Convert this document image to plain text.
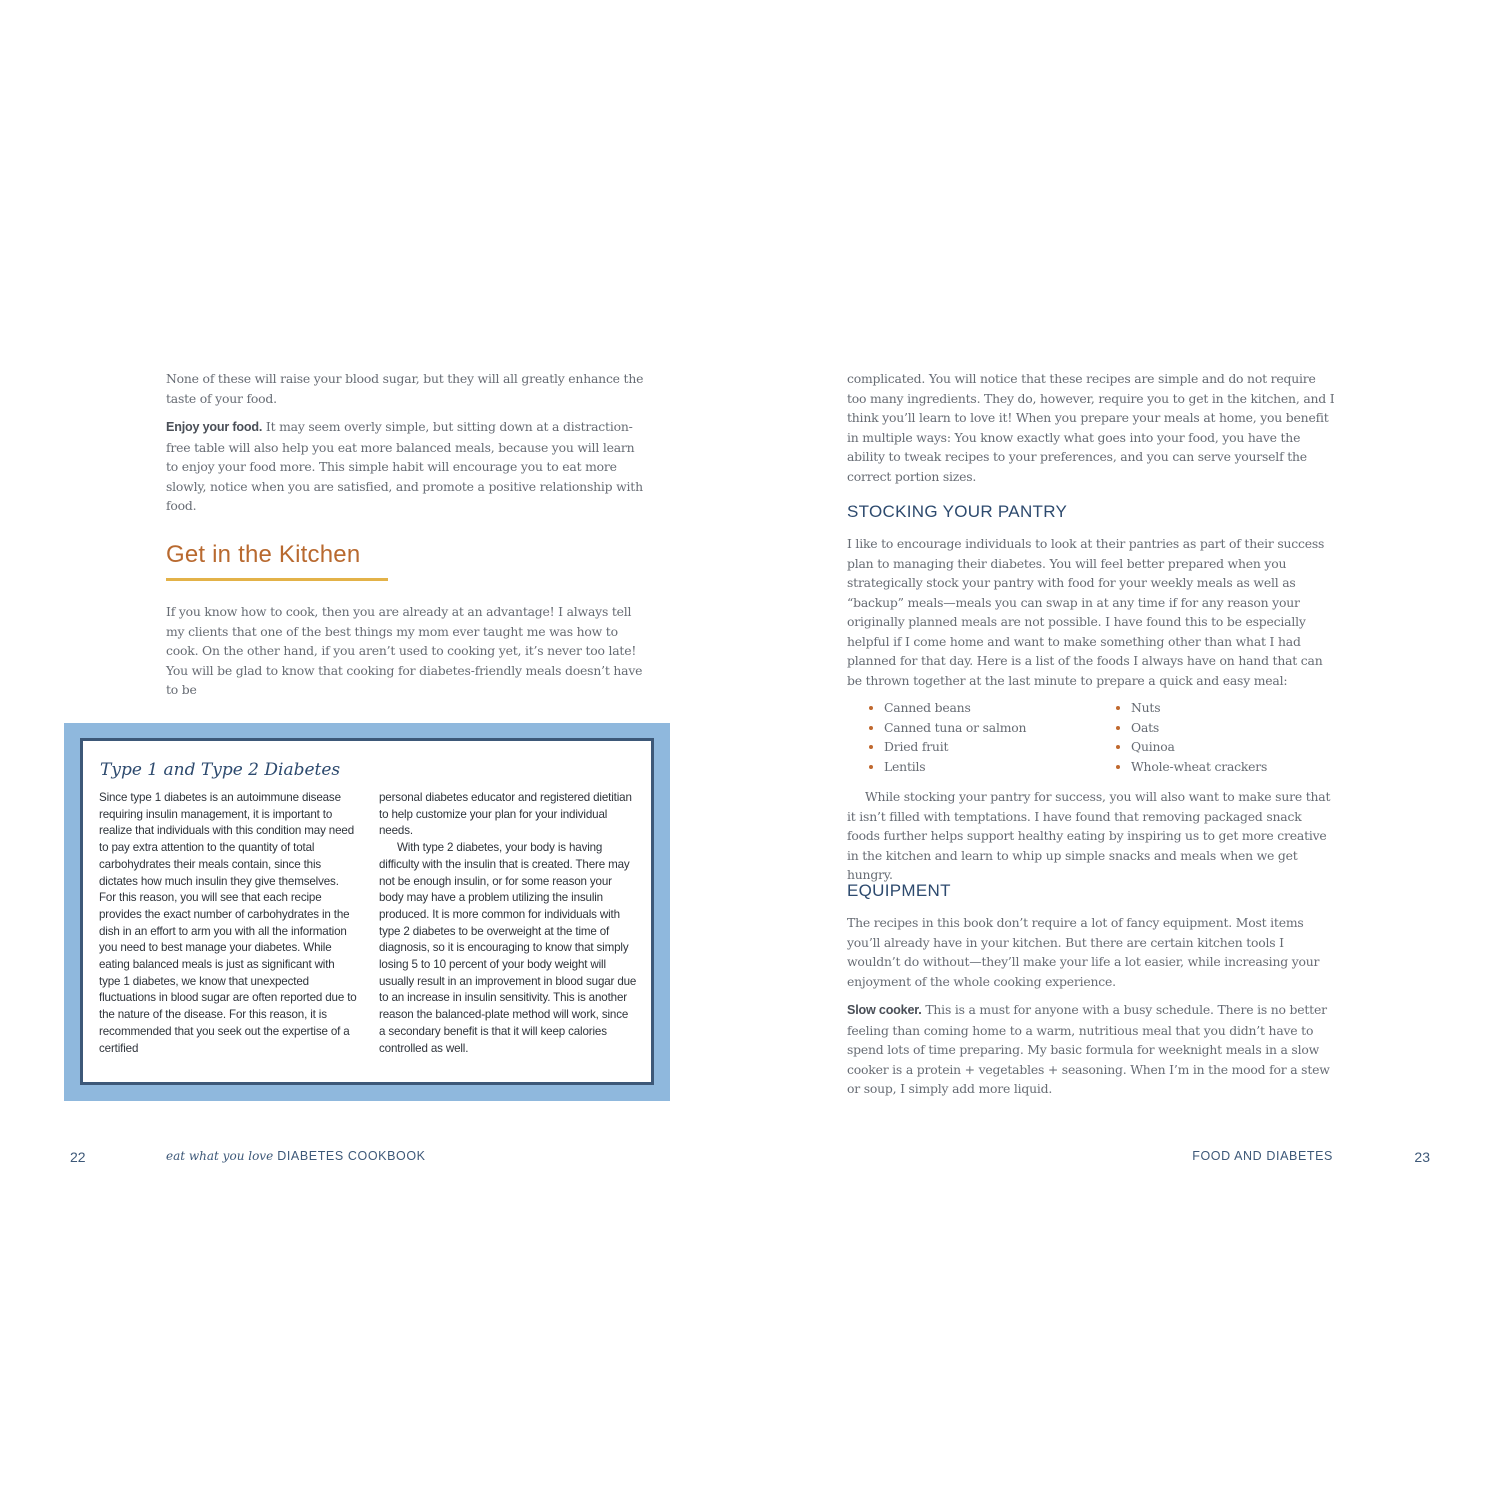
None of these will raise your blood sugar, but they will all greatly enhance the taste of your food.

Enjoy your food. It may seem overly simple, but sitting down at a distraction-free table will also help you eat more balanced meals, because you will learn to enjoy your food more. This simple habit will encourage you to eat more slowly, notice when you are satisfied, and promote a positive relationship with food.

Get in the Kitchen

If you know how to cook, then you are already at an advantage! I always tell my clients that one of the best things my mom ever taught me was how to cook. On the other hand, if you aren’t used to cooking yet, it’s never too late! You will be glad to know that cooking for diabetes-friendly meals doesn’t have to be

Type 1 and Type 2 Diabetes

Since type 1 diabetes is an autoimmune disease requiring insulin management, it is important to realize that individuals with this condition may need to pay extra attention to the quantity of total carbohydrates their meals contain, since this dictates how much insulin they give themselves. For this reason, you will see that each recipe provides the exact number of carbohydrates in the dish in an effort to arm you with all the information you need to best manage your diabetes. While eating balanced meals is just as significant with type 1 diabetes, we know that unexpected fluctuations in blood sugar are often reported due to the nature of the disease. For this reason, it is recommended that you seek out the expertise of a certified

personal diabetes educator and registered dietitian to help customize your plan for your individual needs.

With type 2 diabetes, your body is having difficulty with the insulin that is created. There may not be enough insulin, or for some reason your body may have a problem utilizing the insulin produced. It is more common for individuals with type 2 diabetes to be overweight at the time of diagnosis, so it is encouraging to know that simply losing 5 to 10 percent of your body weight will usually result in an improvement in blood sugar due to an increase in insulin sensitivity. This is another reason the balanced-plate method will work, since a secondary benefit is that it will keep calories controlled as well.

22	eat what you love DIABETES COOKBOOK

complicated. You will notice that these recipes are simple and do not require too many ingredients. They do, however, require you to get in the kitchen, and I think you’ll learn to love it! When you prepare your meals at home, you benefit in multiple ways: You know exactly what goes into your food, you have the ability to tweak recipes to your preferences, and you can serve yourself the correct portion sizes.

STOCKING YOUR PANTRY

I like to encourage individuals to look at their pantries as part of their success plan to managing their diabetes. You will feel better prepared when you strategically stock your pantry with food for your weekly meals as well as “backup” meals—meals you can swap in at any time if for any reason your originally planned meals are not possible. I have found this to be especially helpful if I come home and want to make something other than what I had planned for that day. Here is a list of the foods I always have on hand that can be thrown together at the last minute to prepare a quick and easy meal:

Canned beans
Canned tuna or salmon
Dried fruit
Lentils
Nuts
Oats
Quinoa
Whole-wheat crackers

While stocking your pantry for success, you will also want to make sure that it isn’t filled with temptations. I have found that removing packaged snack foods further helps support healthy eating by inspiring us to get more creative in the kitchen and learn to whip up simple snacks and meals when we get hungry.

EQUIPMENT

The recipes in this book don’t require a lot of fancy equipment. Most items you’ll already have in your kitchen. But there are certain kitchen tools I wouldn’t do without—they’ll make your life a lot easier, while increasing your enjoyment of the whole cooking experience.

Slow cooker. This is a must for anyone with a busy schedule. There is no better feeling than coming home to a warm, nutritious meal that you didn’t have to spend lots of time preparing. My basic formula for weeknight meals in a slow cooker is a protein + vegetables + seasoning. When I’m in the mood for a stew or soup, I simply add more liquid.

FOOD AND DIABETES	23
